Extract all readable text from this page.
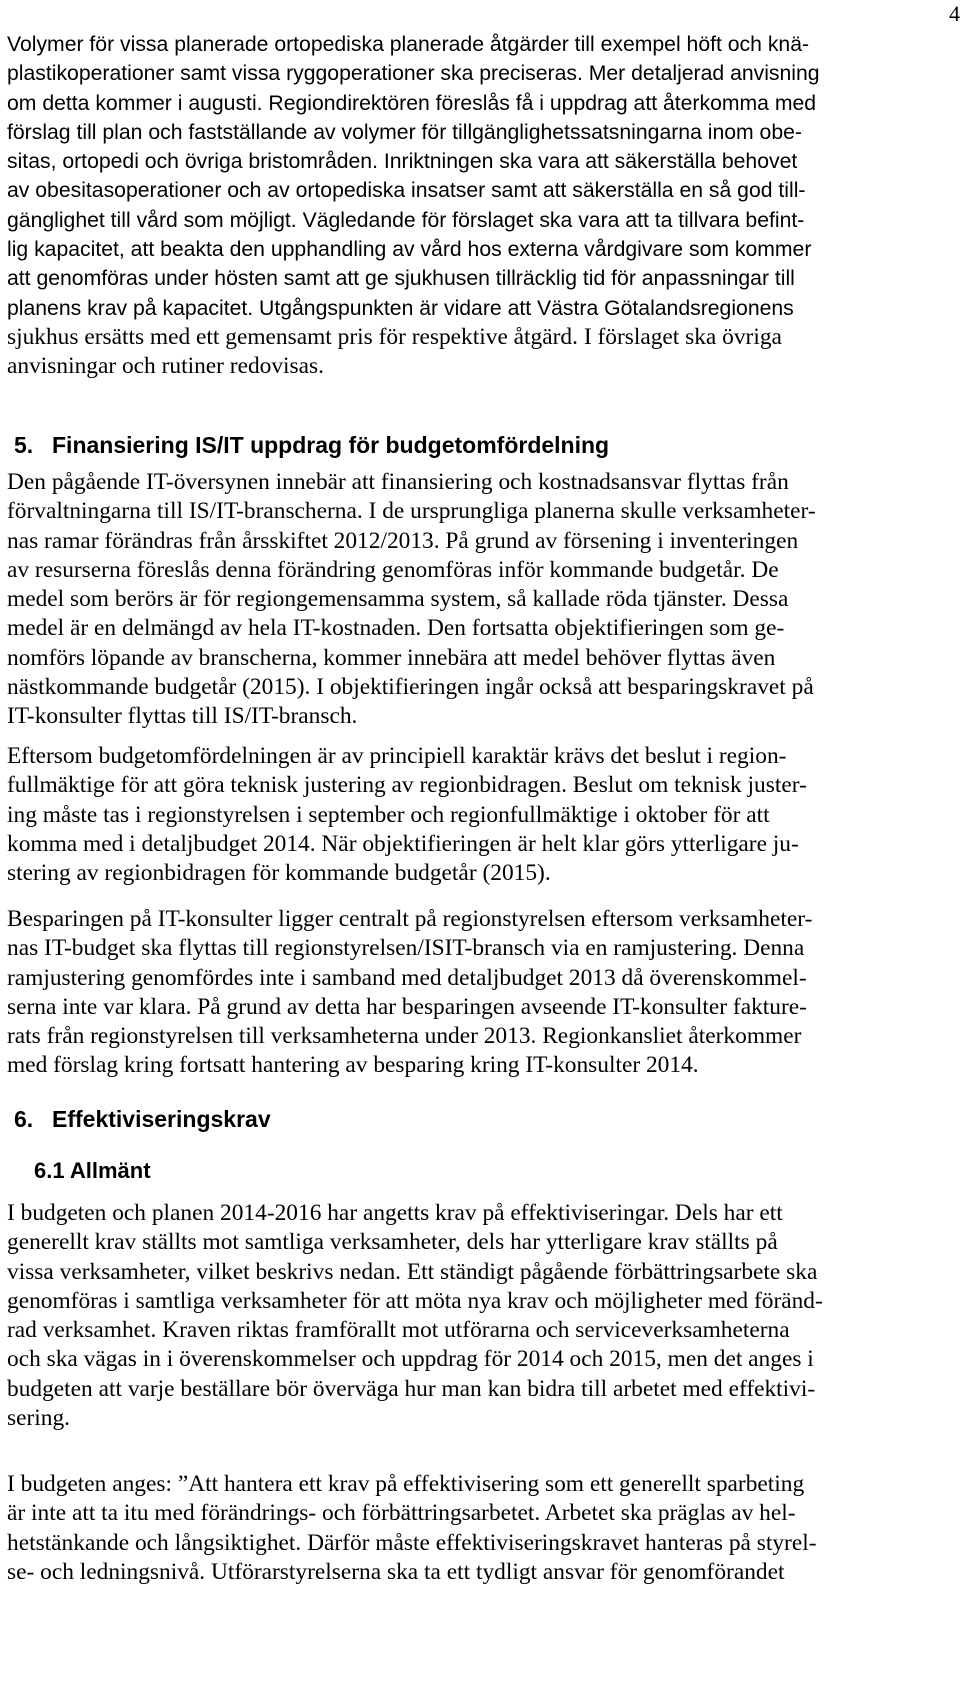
4
Volymer för vissa planerade ortopediska planerade åtgärder till exempel höft och knä-
plastikoperationer samt vissa ryggoperationer ska preciseras. Mer detaljerad anvisning
om detta kommer i augusti. Regiondirektören föreslås få i uppdrag att återkomma med
förslag till plan och fastställande av volymer för tillgänglighetssatsningarna inom obe-
sitas, ortopedi och övriga bristområden. Inriktningen ska vara att säkerställa behovet
av obesitasoperationer och av ortopediska insatser samt att säkerställa en så god till-
gänglighet till vård som möjligt. Vägledande för förslaget ska vara att ta tillvara befint-
lig kapacitet, att beakta den upphandling av vård hos externa vårdgivare som kommer
att genomföras under hösten samt att ge sjukhusen tillräcklig tid för anpassningar till
planens krav på kapacitet. Utgångspunkten är vidare att Västra Götalandsregionens
sjukhus ersätts med ett gemensamt pris för respektive åtgärd. I förslaget ska övriga
anvisningar och rutiner redovisas.
5. Finansiering IS/IT uppdrag för budgetomfördelning
Den pågående IT-översynen innebär att finansiering och kostnadsansvar flyttas från
förvaltningarna till IS/IT-branscherna. I de ursprungliga planerna skulle verksamheter-
nas ramar förändras från årsskiftet 2012/2013. På grund av försening i inventeringen
av resurserna föreslås denna förändring genomföras inför kommande budgetår. De
medel som berörs är för regiongemensamma system, så kallade röda tjänster. Dessa
medel är en delmängd av hela IT-kostnaden. Den fortsatta objektifieringen som ge-
nomförs löpande av branscherna, kommer innebära att medel behöver flyttas även
nästkommande budgetår (2015). I objektifieringen ingår också att besparingskravet på
IT-konsulter flyttas till IS/IT-bransch.
Eftersom budgetomfördelningen är av principiell karaktär krävs det beslut i region-
fullmäktige för att göra teknisk justering av regionbidragen. Beslut om teknisk juster-
ing måste tas i regionstyrelsen i september och regionfullmäktige i oktober för att
komma med i detaljbudget 2014. När objektifieringen är helt klar görs ytterligare ju-
stering av regionbidragen för kommande budgetår (2015).
Besparingen på IT-konsulter ligger centralt på regionstyrelsen eftersom verksamheter-
nas IT-budget ska flyttas till regionstyrelsen/ISIT-bransch via en ramjustering. Denna
ramjustering genomfördes inte i samband med detaljbudget 2013 då överenskommel-
serna inte var klara. På grund av detta har besparingen avseende IT-konsulter fakture-
rats från regionstyrelsen till verksamheterna under 2013. Regionkansliet återkommer
med förslag kring fortsatt hantering av besparing kring IT-konsulter 2014.
6. Effektiviseringskrav
6.1 Allmänt
I budgeten och planen 2014-2016 har angetts krav på effektiviseringar. Dels har ett
generellt krav ställts mot samtliga verksamheter, dels har ytterligare krav ställts på
vissa verksamheter, vilket beskrivs nedan. Ett ständigt pågående förbättringsarbete ska
genomföras i samtliga verksamheter för att möta nya krav och möjligheter med föränd-
rad verksamhet. Kraven riktas framförallt mot utförarna och serviceverksamheterna
och ska vägas in i överenskommelser och uppdrag för 2014 och 2015, men det anges i
budgeten att varje beställare bör överväga hur man kan bidra till arbetet med effektivi-
sering.
I budgeten anges: ”Att hantera ett krav på effektivisering som ett generellt sparbeting
är inte att ta itu med förändrings- och förbättringsarbetet. Arbetet ska präglas av hel-
hetstänkande och långsiktighet. Därför måste effektiviseringskravet hanteras på styrel-
se- och ledningsnivå. Utförarstyrelserna ska ta ett tydligt ansvar för genomförandet
